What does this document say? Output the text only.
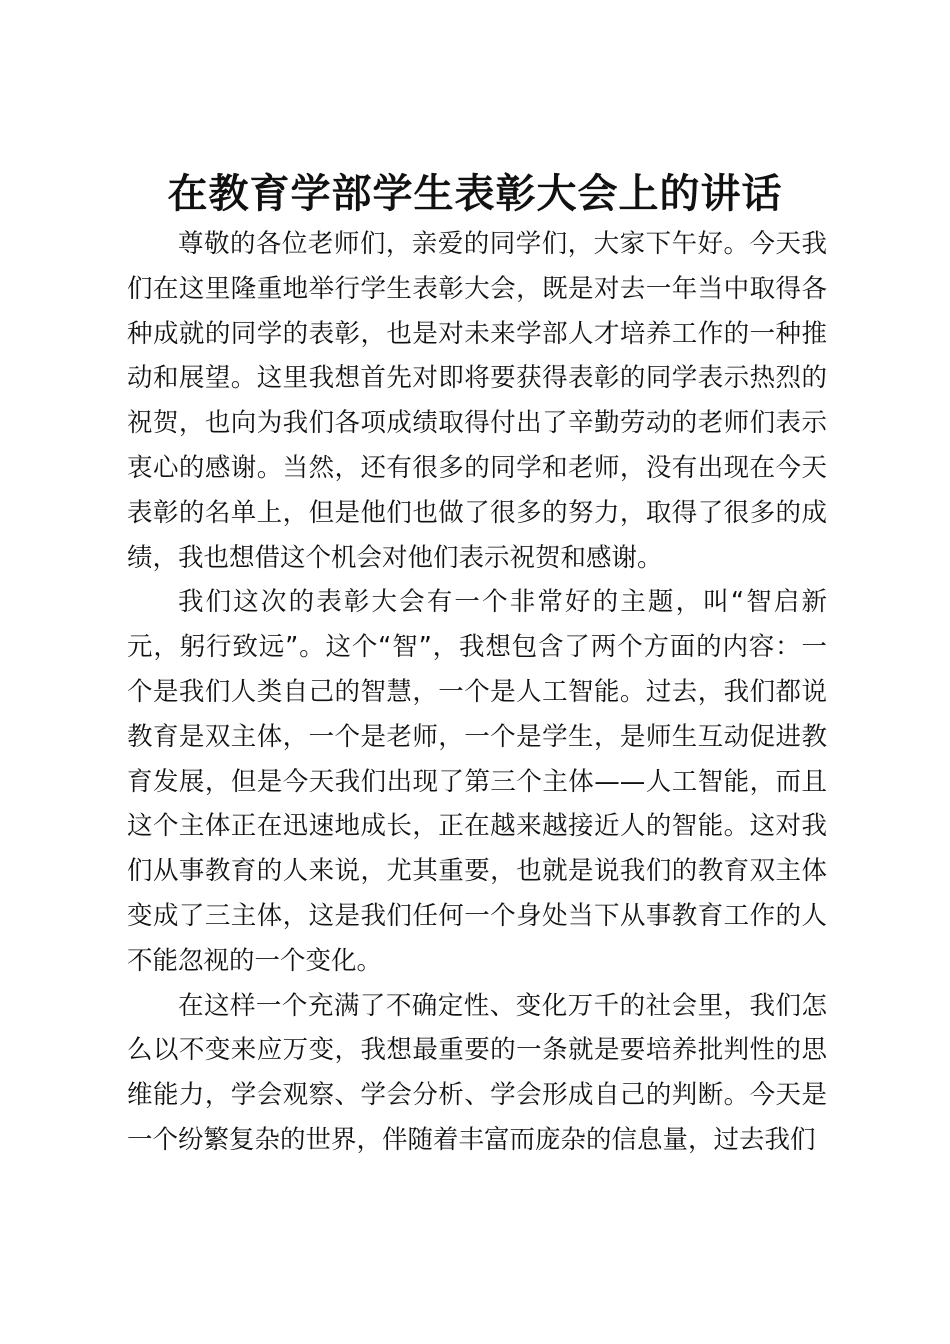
在教育学部学生表彰大会上的讲话

尊敬的各位老师们，亲爱的同学们，大家下午好。今天我们在这里隆重地举行学生表彰大会，既是对去一年当中取得各种成就的同学的表彰，也是对未来学部人才培养工作的一种推动和展望。这里我想首先对即将要获得表彰的同学表示热烈的祝贺，也向为我们各项成绩取得付出了辛勤劳动的老师们表示衷心的感谢。当然，还有很多的同学和老师，没有出现在今天表彰的名单上，但是他们也做了很多的努力，取得了很多的成绩，我也想借这个机会对他们表示祝贺和感谢。

我们这次的表彰大会有一个非常好的主题，叫“智启新元，躬行致远”。这个“智”，我想包含了两个方面的内容：一个是我们人类自己的智慧，一个是人工智能。过去，我们都说教育是双主体，一个是老师，一个是学生，是师生互动促进教育发展，但是今天我们出现了第三个主体——人工智能，而且这个主体正在迅速地成长，正在越来越接近人的智能。这对我们从事教育的人来说，尤其重要，也就是说我们的教育双主体变成了三主体，这是我们任何一个身处当下从事教育工作的人不能忽视的一个变化。

在这样一个充满了不确定性、变化万千的社会里，我们怎么以不变来应万变，我想最重要的一条就是要培养批判性的思维能力，学会观察、学会分析、学会形成自己的判断。今天是一个纷繁复杂的世界，伴随着丰富而庞杂的信息量，过去我们
